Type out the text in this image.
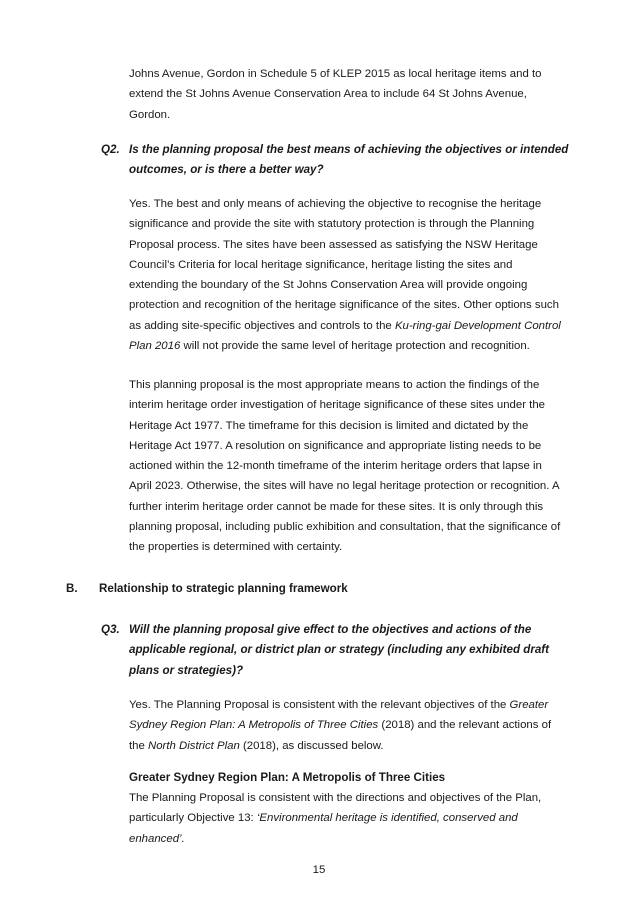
Johns Avenue, Gordon in Schedule 5 of KLEP 2015 as local heritage items and to
extend the St Johns Avenue Conservation Area to include 64 St Johns Avenue,
Gordon.
Q2. Is the planning proposal the best means of achieving the objectives or intended
outcomes, or is there a better way?
Yes. The best and only means of achieving the objective to recognise the heritage
significance and provide the site with statutory protection is through the Planning
Proposal process. The sites have been assessed as satisfying the NSW Heritage
Council’s Criteria for local heritage significance, heritage listing the sites and
extending the boundary of the St Johns Conservation Area will provide ongoing
protection and recognition of the heritage significance of the sites. Other options such
as adding site-specific objectives and controls to the Ku-ring-gai Development Control
Plan 2016 will not provide the same level of heritage protection and recognition.
This planning proposal is the most appropriate means to action the findings of the
interim heritage order investigation of heritage significance of these sites under the
Heritage Act 1977. The timeframe for this decision is limited and dictated by the
Heritage Act 1977. A resolution on significance and appropriate listing needs to be
actioned within the 12-month timeframe of the interim heritage orders that lapse in
April 2023. Otherwise, the sites will have no legal heritage protection or recognition. A
further interim heritage order cannot be made for these sites. It is only through this
planning proposal, including public exhibition and consultation, that the significance of
the properties is determined with certainty.
B. Relationship to strategic planning framework
Q3. Will the planning proposal give effect to the objectives and actions of the
applicable regional, or district plan or strategy (including any exhibited draft
plans or strategies)?
Yes. The Planning Proposal is consistent with the relevant objectives of the Greater
Sydney Region Plan: A Metropolis of Three Cities (2018) and the relevant actions of
the North District Plan (2018), as discussed below.
Greater Sydney Region Plan: A Metropolis of Three Cities
The Planning Proposal is consistent with the directions and objectives of the Plan,
particularly Objective 13: ‘Environmental heritage is identified, conserved and
enhanced’.
15
